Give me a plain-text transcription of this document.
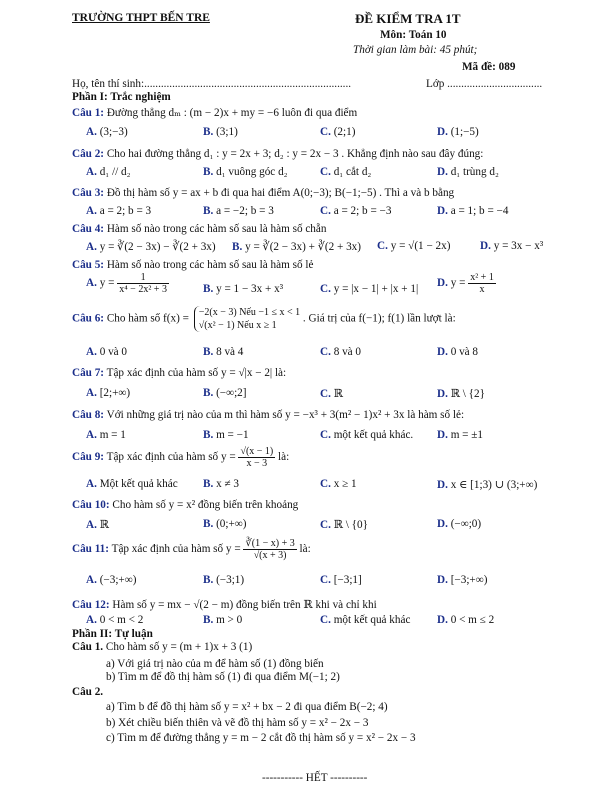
TRƯỜNG THPT BẾN TRE	ĐỀ KIỂM TRA 1T
Môn: Toán 10
Thời gian làm bài: 45 phút;
Mã đề: 089
Họ, tên thí sinh:..........................................................................	Lớp ..................................
Phần I: Trắc nghiệm
Câu 1: Đường thẳng dₘ : (m − 2)x + my = −6 luôn đi qua điểm
A. (3;−3)	B. (3;1)	C. (2;1)	D. (1;−5)
Câu 2: Cho hai đường thẳng d₁ : y = 2x + 3; d₂ : y = 2x − 3 . Khẳng định nào sau đây đúng:
A. d₁ // d₂	B. d₁ vuông góc d₂	C. d₁ cắt d₂	D. d₁ trùng d₂
Câu 3: Đồ thị hàm số y = ax + b đi qua hai điểm A(0;−3); B(−1;−5) . Thì a và b bằng
A. a = 2; b = 3	B. a = −2; b = 3	C. a = 2; b = −3	D. a = 1; b = −4
Câu 4: Hàm số nào trong các hàm số sau là hàm số chẵn
A. y = ∛(2 − 3x) − ∛(2 + 3x) B. y = ∛(2 − 3x) + ∛(2 + 3x) C. y = √(1 − 2x)	D. y = 3x − x³
Câu 5: Hàm số nào trong các hàm số sau là hàm số lẻ
A. $y = \frac{1}{\text{x⁴ − 2x² + 3}}$	B. y = 1 − 3x + x³	C. y = |x − 1| + |x + 1| D. $y = \frac{\text{x² + 1}}{x}$
Câu 6: Cho hàm số f(x) =
−2(x − 3) Nếu −1 ≤ x < 1
√(x² − 1) Nếu x ≥ 1
. Giá trị của f(−1); f(1) lần lượt là:
A. 0 và 0	B. 8 và 4	C. 8 và 0	D. 0 và 8
Câu 7: Tập xác định của hàm số y = √|x − 2| là:
A. [2;+∞)	B. (−∞;2]	C. ℝ	D. ℝ \ {2}
Câu 8: Với những giá trị nào của m thì hàm số y = −x³ + 3(m² − 1)x² + 3x là hàm số lẻ:
A. m = 1	B. m = −1	C. một kết quả khác. D. m = ±1
Câu 9: Tập xác định của hàm số $y = \frac{√(x - 1)}{x - 3}$ là:
A. Một kết quả khác B. x ≠ 3	C. x ≥ 1	D. x ∈ [1;3) ∪ (3;+∞)
Câu 10: Cho hàm số y = x² đồng biến trên khoảng
A. ℝ	B. (0;+∞)	C. ℝ \ {0}	D. (−∞;0)
Câu 11: Tập xác định của hàm số $y = \frac{∛(1 - x) + 3}{√(x + 3)}$ là:
A. (−3;+∞)	B. (−3;1)	C. [−3;1]	D. [−3;+∞)
Câu 12: Hàm số y = mx − √(2 − m) đồng biến trên ℝ khi và chỉ khi
A. 0 < m < 2	B. m > 0	C. một kết quả khác D. 0 < m ≤ 2
Phần II: Tự luận
Câu 1. Cho hàm số y = (m + 1)x + 3 (1)
a) Với giá trị nào của m để hàm số (1) đồng biến
b) Tìm m để đồ thị hàm số (1) đi qua điểm M(−1; 2)
Câu 2.
a) Tìm b để đồ thị hàm số y = x² + bx − 2 đi qua điểm B(−2; 4)
b) Xét chiều biến thiên và vẽ đồ thị hàm số y = x² − 2x − 3
c) Tìm m để đường thẳng y = m − 2 cắt đồ thị hàm số y = x² − 2x − 3
----------- HẾT ----------
